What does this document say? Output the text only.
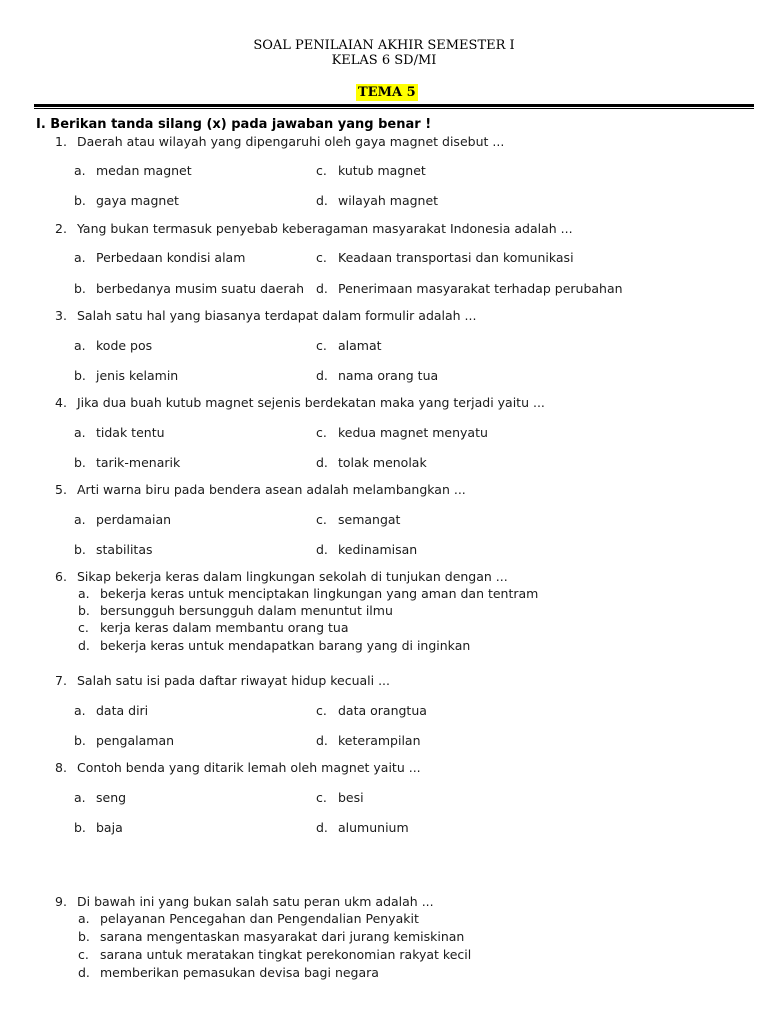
SOAL PENILAIAN AKHIR SEMESTER I
KELAS 6 SD/MI
TEMA 5
I. Berikan tanda silang (x) pada jawaban yang benar !
1. Daerah atau wilayah yang dipengaruhi oleh gaya magnet disebut ...
a. medan magnet	c. kutub magnet
b. gaya magnet	d. wilayah magnet
2. Yang bukan termasuk penyebab keberagaman masyarakat Indonesia adalah ...
a. Perbedaan kondisi alam	c. Keadaan transportasi dan komunikasi
b. berbedanya musim suatu daerah d. Penerimaan masyarakat terhadap perubahan
3. Salah satu hal yang biasanya terdapat dalam formulir adalah ...
a. kode pos	c. alamat
b. jenis kelamin	d. nama orang tua
4. Jika dua buah kutub magnet sejenis berdekatan maka yang terjadi yaitu ...
a. tidak tentu	c. kedua magnet menyatu
b. tarik-menarik	d. tolak menolak
5. Arti warna biru pada bendera asean adalah melambangkan ...
a. perdamaian	c. semangat
b. stabilitas	d. kedinamisan
6. Sikap bekerja keras dalam lingkungan sekolah di tunjukan dengan ...
a. bekerja keras untuk menciptakan lingkungan yang aman dan tentram
b. bersungguh bersungguh dalam menuntut ilmu
c. kerja keras dalam membantu orang tua
d. bekerja keras untuk mendapatkan barang yang di inginkan
7. Salah satu isi pada daftar riwayat hidup kecuali ...
a. data diri	c. data orangtua
b. pengalaman	d. keterampilan
8. Contoh benda yang ditarik lemah oleh magnet yaitu ...
a. seng	c. besi
b. baja	d. alumunium
9. Di bawah ini yang bukan salah satu peran ukm adalah ...
a. pelayanan Pencegahan dan Pengendalian Penyakit
b. sarana mengentaskan masyarakat dari jurang kemiskinan
c. sarana untuk meratakan tingkat perekonomian rakyat kecil
d. memberikan pemasukan devisa bagi negara
